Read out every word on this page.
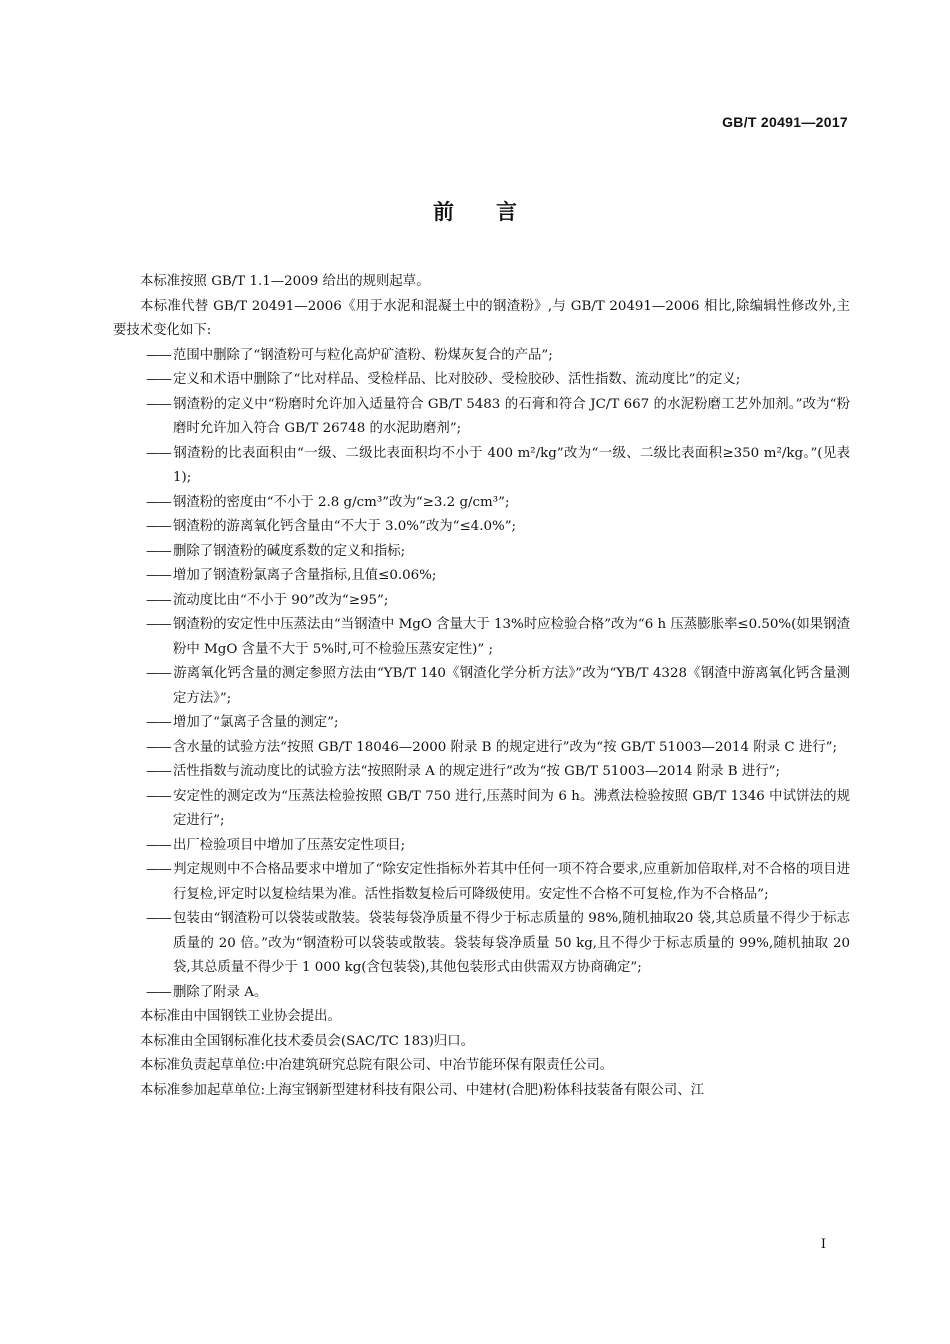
GB/T 20491—2017
前言
本标准按照 GB/T 1.1—2009 给出的规则起草。
本标准代替 GB/T 20491—2006《用于水泥和混凝土中的钢渣粉》,与 GB/T 20491—2006 相比,除编辑性修改外,主要技术变化如下:
—— 范围中删除了“钢渣粉可与粒化高炉矿渣粉、粉煤灰复合的产品”;
—— 定义和术语中删除了“比对样品、受检样品、比对胶砂、受检胶砂、活性指数、流动度比”的定义;
—— 钢渣粉的定义中“粉磨时允许加入适量符合 GB/T 5483 的石膏和符合 JC/T 667 的水泥粉磨工艺外加剂。”改为“粉磨时允许加入符合 GB/T 26748 的水泥助磨剂”;
—— 钢渣粉的比表面积由“一级、二级比表面积均不小于 400 m²/kg”改为“一级、二级比表面积≥350 m²/kg。”(见表 1);
—— 钢渣粉的密度由“不小于 2.8 g/cm³”改为“≥3.2 g/cm³”;
—— 钢渣粉的游离氧化钙含量由“不大于 3.0%”改为“≤4.0%”;
—— 删除了钢渣粉的碱度系数的定义和指标;
—— 增加了钢渣粉氯离子含量指标,且值≤0.06%;
—— 流动度比由“不小于 90”改为“≥95”;
—— 钢渣粉的安定性中压蒸法由“当钢渣中 MgO 含量大于 13%时应检验合格”改为“6 h 压蒸膨胀率≤0.50%(如果钢渣粉中 MgO 含量不大于 5%时,可不检验压蒸安定性)” ;
—— 游离氧化钙含量的测定参照方法由“YB/T 140《钢渣化学分析方法》”改为“YB/T 4328《钢渣中游离氧化钙含量测定方法》”;
—— 增加了“氯离子含量的测定”;
—— 含水量的试验方法“按照 GB/T 18046—2000 附录 B 的规定进行”改为“按 GB/T 51003—2014 附录 C 进行”;
—— 活性指数与流动度比的试验方法“按照附录 A 的规定进行”改为“按 GB/T 51003—2014 附录 B 进行”;
—— 安定性的测定改为“压蒸法检验按照 GB/T 750 进行,压蒸时间为 6 h。沸煮法检验按照 GB/T 1346 中试饼法的规定进行”;
—— 出厂检验项目中增加了压蒸安定性项目;
—— 判定规则中不合格品要求中增加了“除安定性指标外若其中任何一项不符合要求,应重新加倍取样,对不合格的项目进行复检,评定时以复检结果为准。活性指数复检后可降级使用。安定性不合格不可复检,作为不合格品”;
—— 包装由“钢渣粉可以袋装或散装。袋装每袋净质量不得少于标志质量的 98%,随机抽取20 袋,其总质量不得少于标志质量的 20 倍。”改为“钢渣粉可以袋装或散装。袋装每袋净质量 50 kg,且不得少于标志质量的 99%,随机抽取 20 袋,其总质量不得少于 1 000 kg(含包装袋),其他包装形式由供需双方协商确定”;
—— 删除了附录 A。
本标准由中国钢铁工业协会提出。
本标准由全国钢标准化技术委员会(SAC/TC 183)归口。
本标准负责起草单位:中冶建筑研究总院有限公司、中冶节能环保有限责任公司。
本标准参加起草单位:上海宝钢新型建材科技有限公司、中建材(合肥)粉体科技装备有限公司、江
I
